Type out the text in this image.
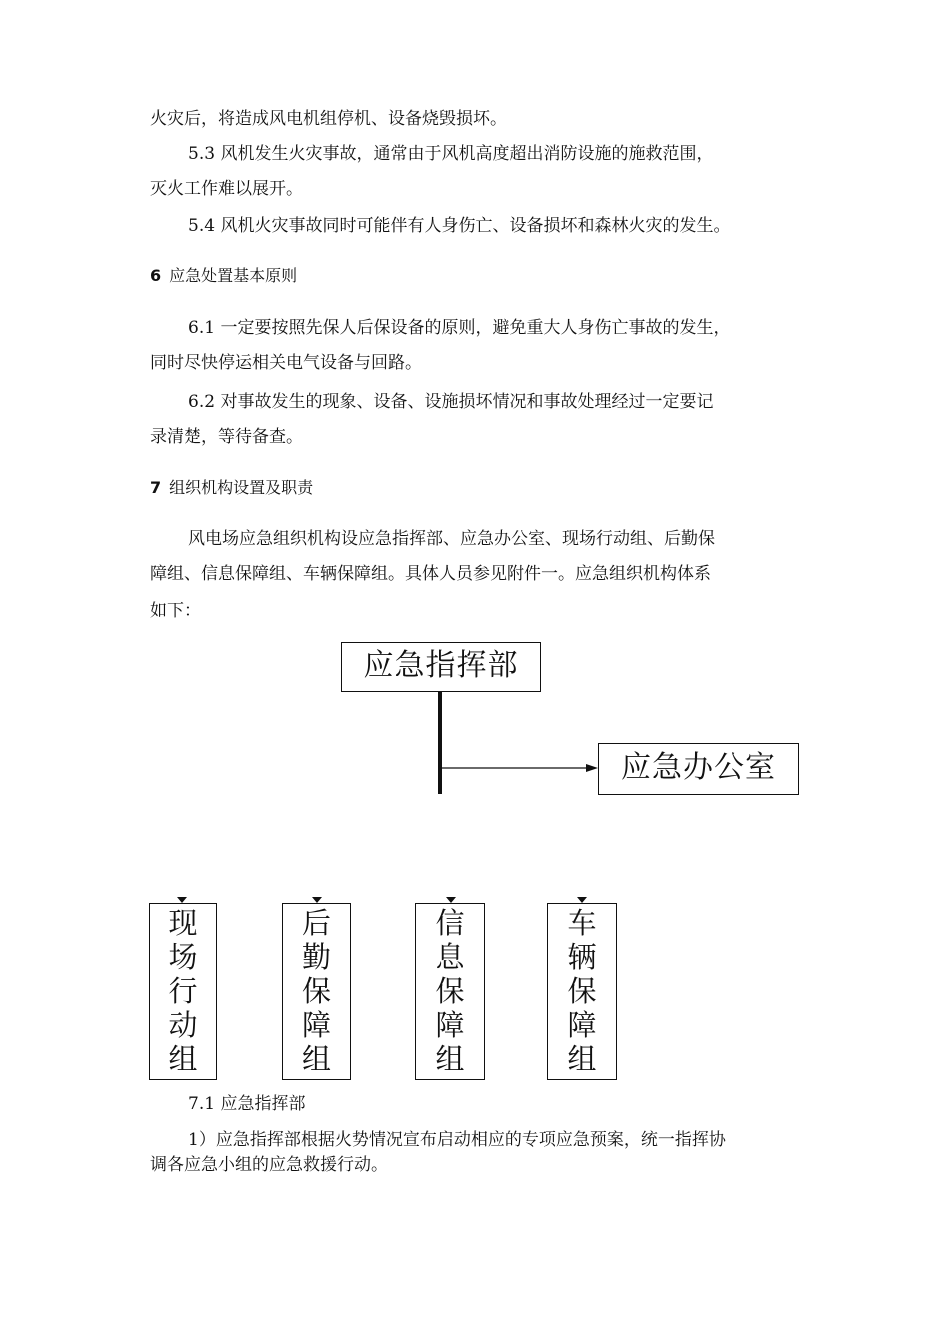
火灾后，将造成风电机组停机、设备烧毁损坏。
5.3 风机发生火灾事故，通常由于风机高度超出消防设施的施救范围，
灭火工作难以展开。
5.4 风机火灾事故同时可能伴有人身伤亡、设备损坏和森林火灾的发生。
6 应急处置基本原则
6.1 一定要按照先保人后保设备的原则，避免重大人身伤亡事故的发生，
同时尽快停运相关电气设备与回路。
6.2 对事故发生的现象、设备、设施损坏情况和事故处理经过一定要记
录清楚，等待备查。
7 组织机构设置及职责
风电场应急组织机构设应急指挥部、应急办公室、现场行动组、后勤保
障组、信息保障组、车辆保障组。具体人员参见附件一。应急组织机构体系
如下：
应急指挥部
应急办公室
现
场
行
动
组
后
勤
保
障
组
信
息
保
障
组
车
辆
保
障
组
7.1 应急指挥部
1）应急指挥部根据火势情况宣布启动相应的专项应急预案，统一指挥协
调各应急小组的应急救援行动。
